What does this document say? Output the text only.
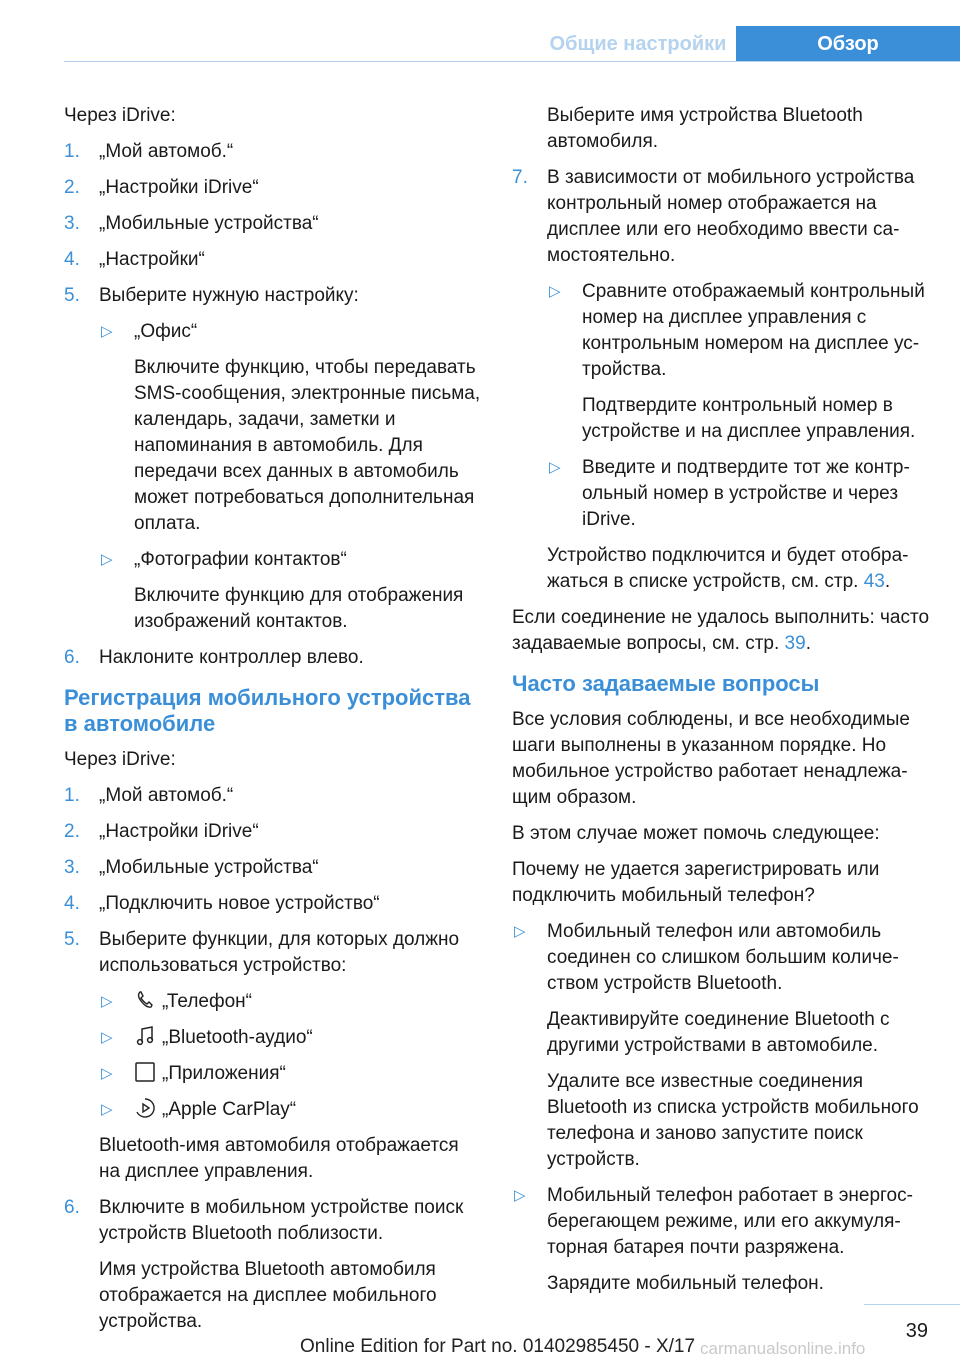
Общие настройки	Обзор

Через iDrive:

1. „Мой автомоб.“
2. „Настройки iDrive“
3. „Мобильные устройства“
4. „Настройки“
5. Выберите нужную настройку:
▷ „Офис“
Включите функцию, чтобы передавать SMS-сообщения, электронные письма, календарь, задачи, заметки и напоминания в автомобиль. Для передачи всех данных в автомобиль может потребоваться дополнительная оплата.
▷ „Фотографии контактов“
Включите функцию для отображения изображений контактов.
6. Наклоните контроллер влево.
Регистрация мобильного устройства в автомобиле

Через iDrive:

1. „Мой автомоб.“
2. „Настройки iDrive“
3. „Мобильные устройства“
4. „Подключить новое устройство“
5. Выберите функции, для которых должно использоваться устройство:
▷	„Телефон“
▷	„Bluetooth-аудио“
▷	„Приложения“
▷	„Apple CarPlay“
Bluetooth-имя автомобиля отображается на дисплее управления.
6. Включите в мобильном устройстве поиск устройств Bluetooth поблизости.
Имя устройства Bluetooth автомобиля отображается на дисплее мобильного устройства.
Выберите имя устройства Bluetooth автомобиля.
7. В зависимости от мобильного устройства контрольный номер отображается на дисплее или его необходимо ввести самостоятельно.
▷ Сравните отображаемый контрольный номер на дисплее управления с контрольным номером на дисплее устройства.
Подтвердите контрольный номер в устройстве и на дисплее управления.
▷ Введите и подтвердите тот же контрольный номер в устройстве и через iDrive.
Устройство подключится и будет отображаться в списке устройств, см. стр. 43.

Если соединение не удалось выполнить: часто задаваемые вопросы, см. стр. 39.

Часто задаваемые вопросы

Все условия соблюдены, и все необходимые шаги выполнены в указанном порядке. Но мобильное устройство работает ненадлежащим образом.

В этом случае может помочь следующее:

Почему не удается зарегистрировать или подключить мобильный телефон?

▷ Мобильный телефон или автомобиль соединен со слишком большим количеством устройств Bluetooth.
Деактивируйте соединение Bluetooth с другими устройствами в автомобиле.
Удалите все известные соединения Bluetooth из списка устройств мобильного телефона и заново запустите поиск устройств.
▷ Мобильный телефон работает в энергосберегающем режиме, или его аккумуляторная батарея почти разряжена.
Зарядите мобильный телефон.
39
Online Edition for Part no. 01402985450 - X/17 carmanualsonline.info
